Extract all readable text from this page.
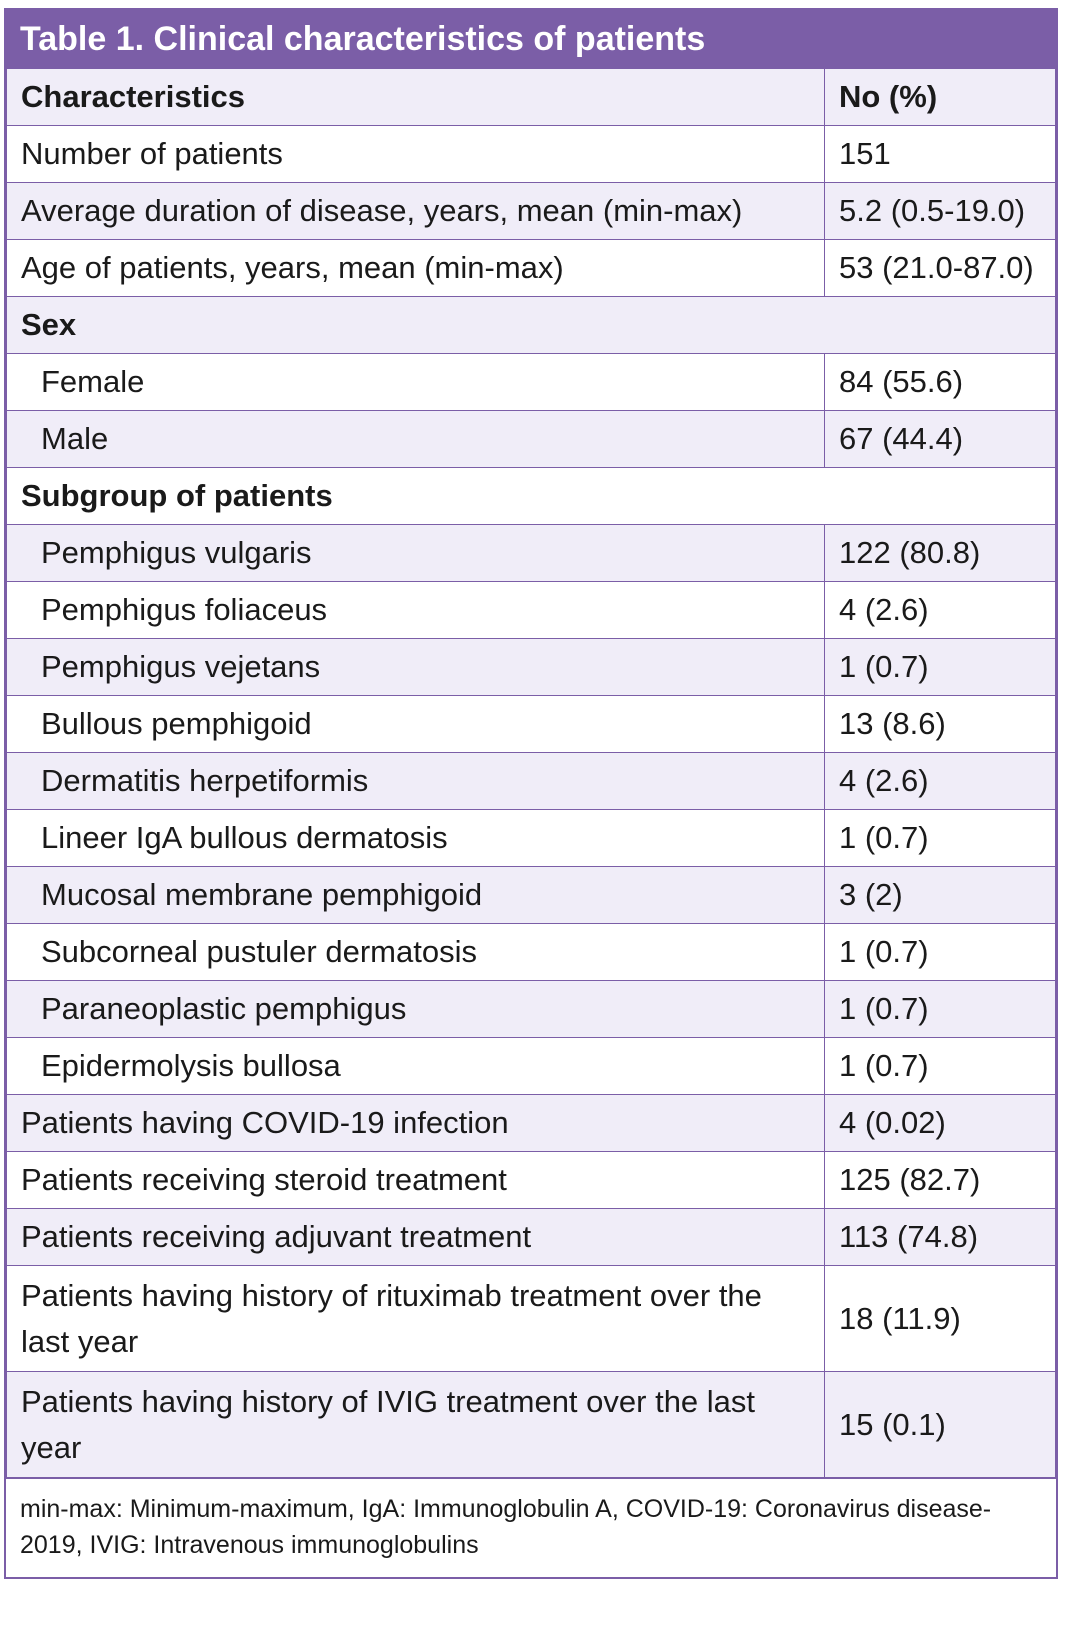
Table 1. Clinical characteristics of patients
Characteristics	No (%)
Number of patients	151
Average duration of disease, years, mean (min-max)	5.2 (0.5-19.0)
Age of patients, years, mean (min-max)	53 (21.0-87.0)
Sex	
Female	84 (55.6)
Male	67 (44.4)
Subgroup of patients	
Pemphigus vulgaris	122 (80.8)
Pemphigus foliaceus	4 (2.6)
Pemphigus vejetans	1 (0.7)
Bullous pemphigoid	13 (8.6)
Dermatitis herpetiformis	4 (2.6)
Lineer IgA bullous dermatosis	1 (0.7)
Mucosal membrane pemphigoid	3 (2)
Subcorneal pustuler dermatosis	1 (0.7)
Paraneoplastic pemphigus	1 (0.7)
Epidermolysis bullosa	1 (0.7)
Patients having COVID-19 infection	4 (0.02)
Patients receiving steroid treatment	125 (82.7)
Patients receiving adjuvant treatment	113 (74.8)
Patients having history of rituximab treatment over the last year	18 (11.9)
Patients having history of IVIG treatment over the last year	15 (0.1)
min-max: Minimum-maximum, IgA: Immunoglobulin A, COVID-19: Coronavirus disease-2019, IVIG: Intravenous immunoglobulins
